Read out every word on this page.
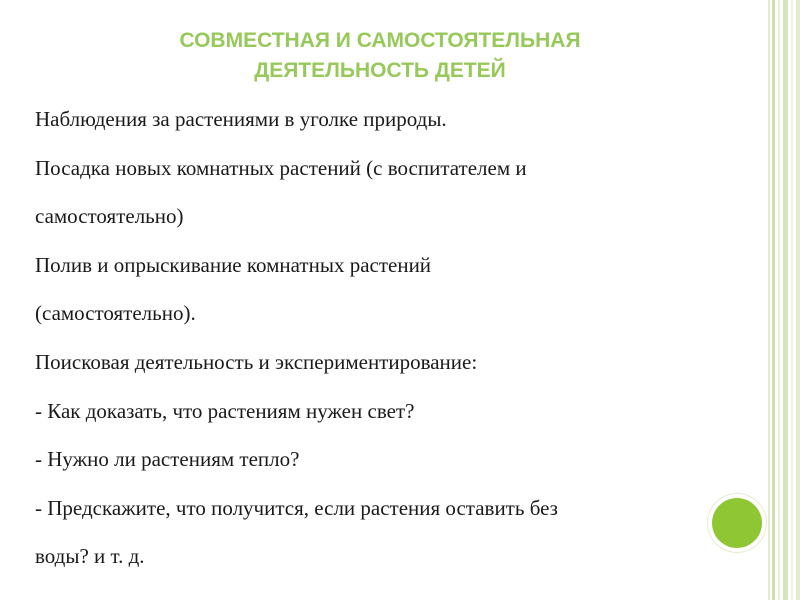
СОВМЕСТНАЯ И САМОСТОЯТЕЛЬНАЯ
ДЕЯТЕЛЬНОСТЬ ДЕТЕЙ
Наблюдения за растениями в уголке природы.
Посадка новых комнатных растений (с воспитателем и
самостоятельно)
Полив и опрыскивание комнатных растений
(самостоятельно).
Поисковая деятельность и экспериментирование:
- Как доказать, что растениям нужен свет?
- Нужно ли растениям тепло?
- Предскажите, что получится, если растения оставить без
воды? и т. д.
